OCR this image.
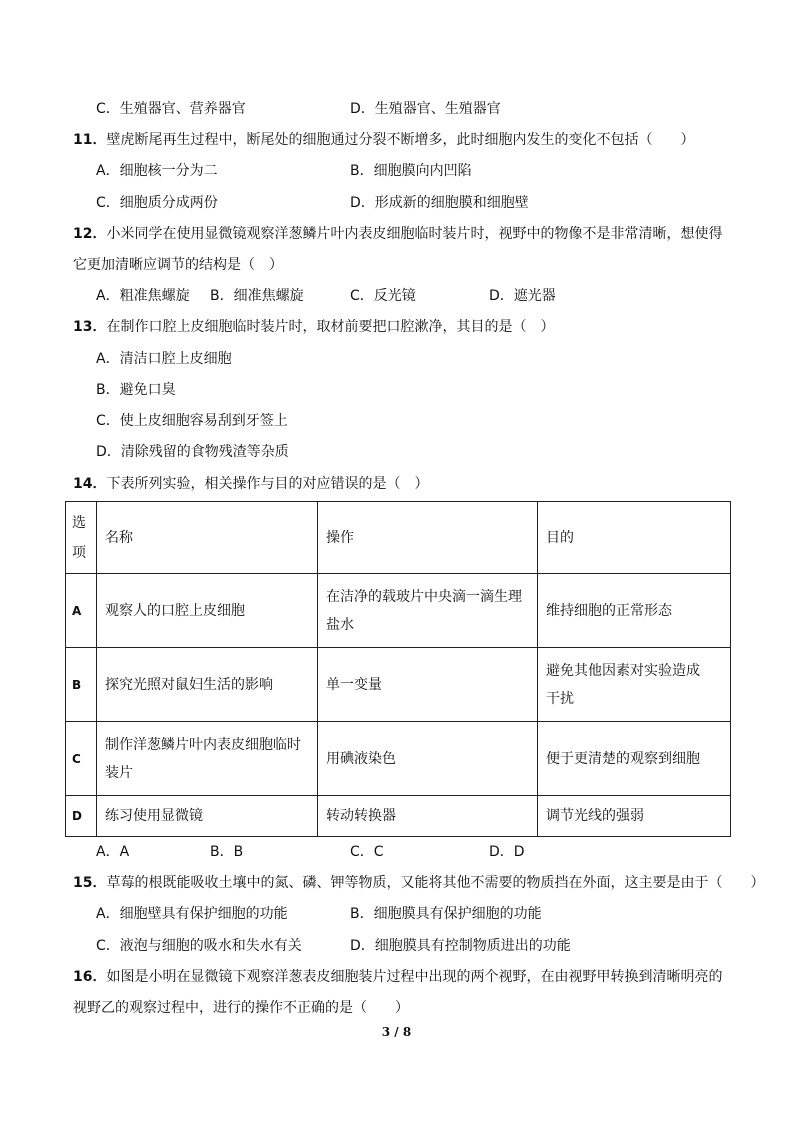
C．生殖器官、营养器官	D．生殖器官、生殖器官
11．壁虎断尾再生过程中，断尾处的细胞通过分裂不断增多，此时细胞内发生的变化不包括（　　）
A．细胞核一分为二	B．细胞膜向内凹陷
C．细胞质分成两份	D．形成新的细胞膜和细胞壁
12．小米同学在使用显微镜观察洋葱鳞片叶内表皮细胞临时装片时，视野中的物像不是非常清晰，想使得
它更加清晰应调节的结构是（　）
A．粗准焦螺旋 B．细准焦螺旋	C．反光镜	D．遮光器
13．在制作口腔上皮细胞临时装片时，取材前要把口腔漱净，其目的是（　）
A．清洁口腔上皮细胞
B．避免口臭
C．使上皮细胞容易刮到牙签上
D．清除残留的食物残渣等杂质
14．下表所列实验，相关操作与目的对应错误的是（　）
选项	名称	操作	目的
A	观察人的口腔上皮细胞	在洁净的载玻片中央滴一滴生理盐水	维持细胞的正常形态
B	探究光照对鼠妇生活的影响	单一变量	避免其他因素对实验造成干扰

C	制作洋葱鳞片叶内表皮细胞临时装片	用碘液染色	便于更清楚的观察到细胞
D	练习使用显微镜	转动转换器	调节光线的强弱
A．A	B．B	C．C	D．D
15．草莓的根既能吸收土壤中的氮、磷、钾等物质，又能将其他不需要的物质挡在外面，这主要是由于（　　）
A．细胞壁具有保护细胞的功能	B．细胞膜具有保护细胞的功能
C．液泡与细胞的吸水和失水有关	D．细胞膜具有控制物质进出的功能
16．如图是小明在显微镜下观察洋葱表皮细胞装片过程中出现的两个视野，在由视野甲转换到清晰明亮的
视野乙的观察过程中，进行的操作不正确的是（　　）
3 / 8
